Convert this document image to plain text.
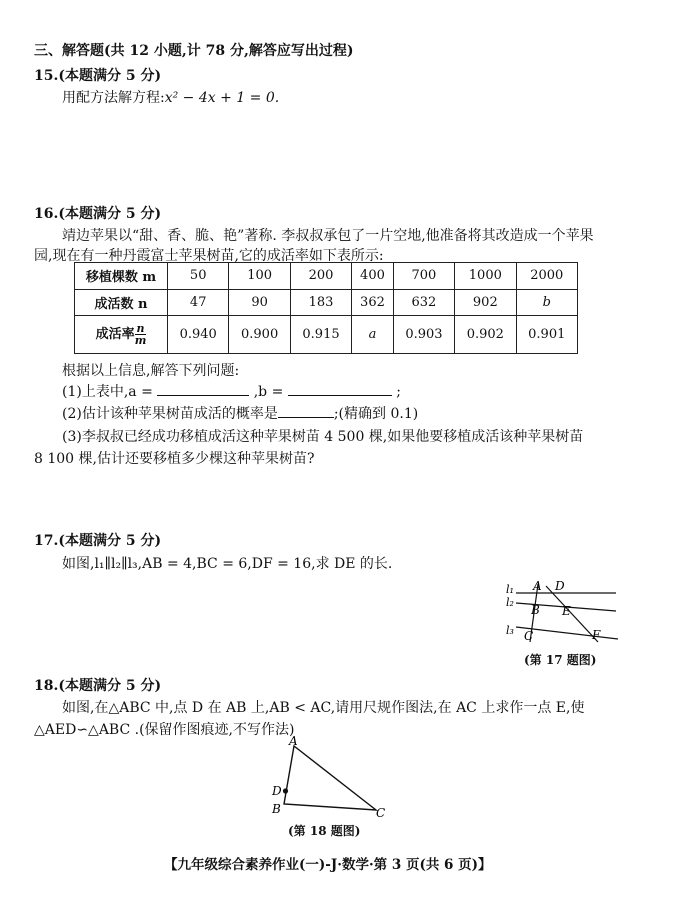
三、解答题(共 12 小题,计 78 分,解答应写出过程)
15.(本题满分 5 分)
用配方法解方程:x² − 4x + 1 = 0.
16.(本题满分 5 分)
靖边苹果以“甜、香、脆、艳”著称. 李叔叔承包了一片空地,他准备将其改造成一个苹果
园,现在有一种丹霞富士苹果树苗,它的成活率如下表所示:
移植棵数 m	50	100	200	400	700	1000	2000
成活数 n	47	90	183	362	632	902	b
成活率 $\frac{n}{m}$	0.940	0.900	0.915	a	0.903	0.902	0.901
根据以上信息,解答下列问题:
(1)上表中,a =	,b =	;
(2)估计该种苹果树苗成活的概率是	;(精确到 0.1)
(3)李叔叔已经成功移植成活这种苹果树苗 4 500 棵,如果他要移植成活该种苹果树苗
8 100 棵,估计还要移植多少棵这种苹果树苗?
17.(本题满分 5 分)
如图,l₁∥l₂∥l₃,AB = 4,BC = 6,DF = 16,求 DE 的长.
l₁
l₂
l₃
A D
B E
C	F
(第 17 题图)
18.(本题满分 5 分)
如图,在△ABC 中,点 D 在 AB 上,AB < AC,请用尺规作图法,在 AC 上求作一点 E,使
△AED∽△ABC .(保留作图痕迹,不写作法)
A
D
B	C
(第 18 题图)
【九年级综合素养作业(一)-J·数学·第 3 页(共 6 页)】
